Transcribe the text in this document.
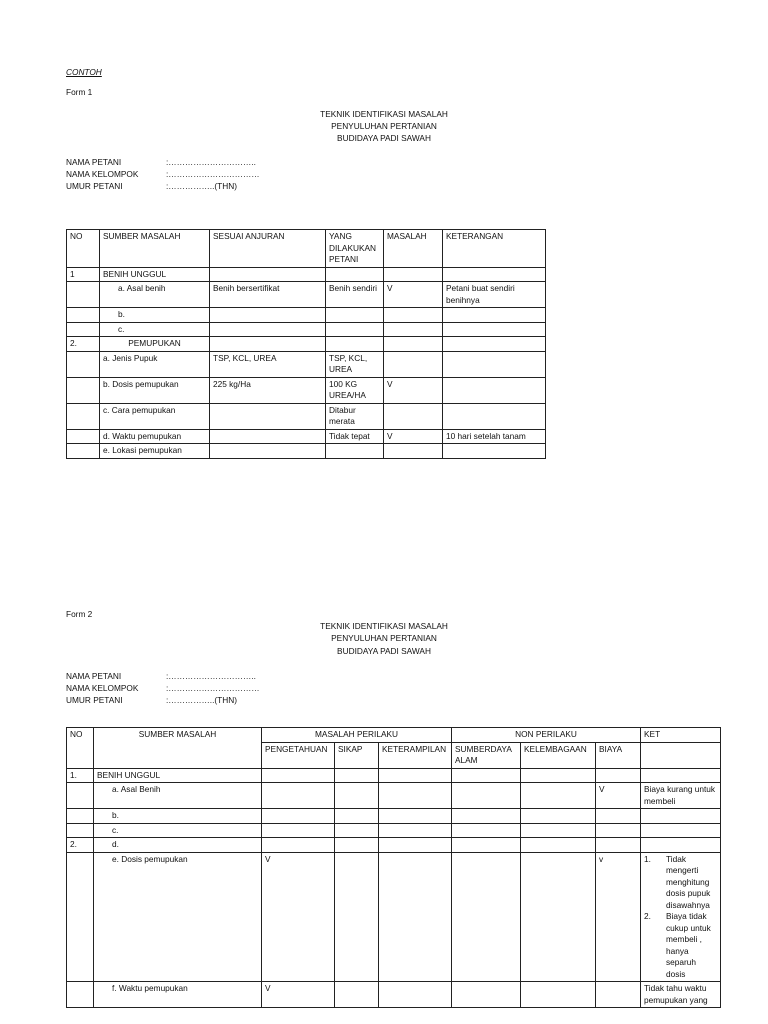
CONTOH
Form 1
TEKNIK IDENTIFIKASI MASALAH
PENYULUHAN PERTANIAN
BUDIDAYA PADI SAWAH
NAMA PETANI	:…………………………..
NAMA KELOMPOK	:……………………………
UMUR PETANI	:……………..(THN)
NO	SUMBER MASALAH	SESUAI ANJURAN	YANG DILAKUKAN PETANI	MASALAH	KETERANGAN
1	BENIH UNGGUL				
	a. Asal benih	Benih bersertifikat	Benih sendiri	V	Petani buat sendiri benihnya
	b.				
	c.				
2.	PEMUPUKAN				
	a. Jenis Pupuk	TSP, KCL, UREA	TSP, KCL, UREA		
	b. Dosis pemupukan	225 kg/Ha	100 KG UREA/HA	V	
	c. Cara pemupukan		Ditabur merata		
	d. Waktu pemupukan		Tidak tepat	V	10 hari setelah tanam
	e. Lokasi pemupukan				
Form 2
TEKNIK IDENTIFIKASI MASALAH
PENYULUHAN PERTANIAN
BUDIDAYA PADI SAWAH
NAMA PETANI	:…………………………..
NAMA KELOMPOK	:……………………………
UMUR PETANI	:……………..(THN)
NO	SUMBER MASALAH	MASALAH PERILAKU			NON PERILAKU			KET
		PENGETAHUAN	SIKAP	KETERAMPILAN	SUMBERDAYA ALAM	KELEMBAGAAN	BIAYA	
1.	BENIH UNGGUL							
	a. Asal Benih						V	Biaya kurang untuk membeli
	b.							
	c.							
2.	d.							
	e. Dosis pemupukan	V					v	1. Tidak mengerti menghitung dosis pupuk disawahnya
2. Biaya tidak cukup untuk membeli , hanya separuh dosis

	f. Waktu pemupukan	V						Tidak tahu waktu pemupukan yang
